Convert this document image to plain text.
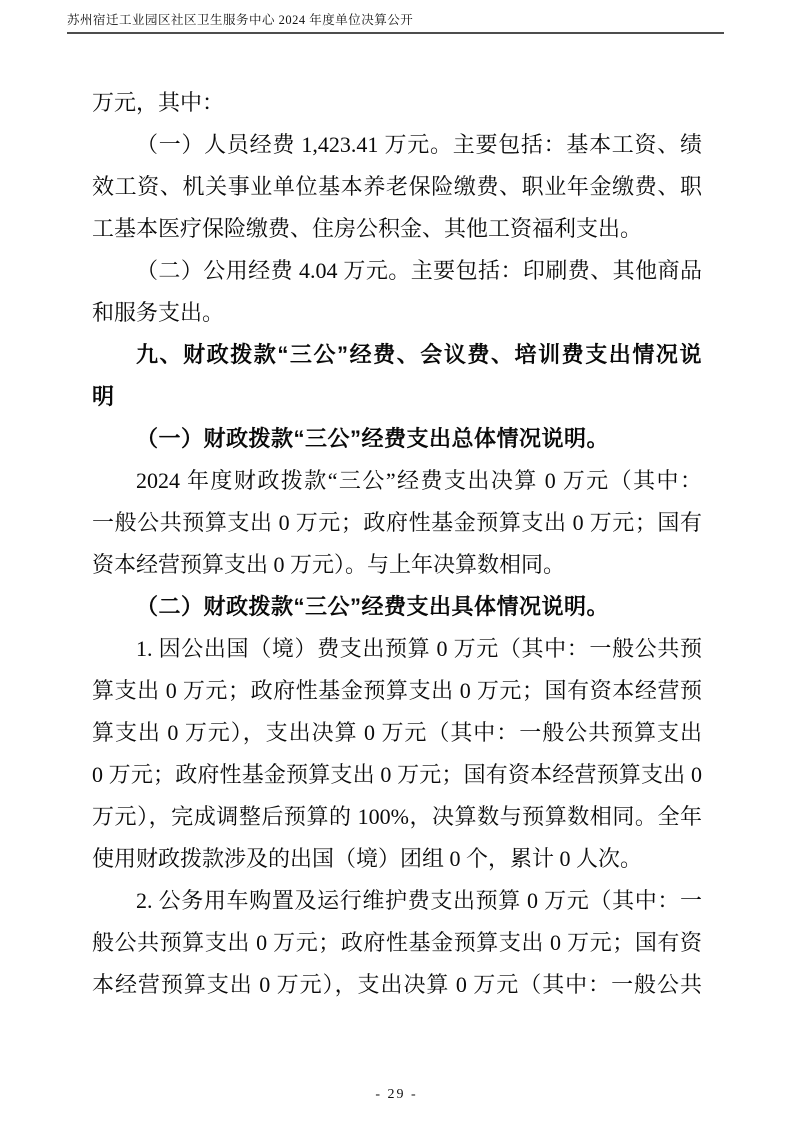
苏州宿迁工业园区社区卫生服务中心 2024 年度单位决算公开
万元，其中：
（一）人员经费 1,423.41 万元。主要包括：基本工资、绩
效工资、机关事业单位基本养老保险缴费、职业年金缴费、职
工基本医疗保险缴费、住房公积金、其他工资福利支出。
（二）公用经费 4.04 万元。主要包括：印刷费、其他商品
和服务支出。
九、财政拨款“三公”经费、会议费、培训费支出情况说
明
（一）财政拨款“三公”经费支出总体情况说明。
2024 年度财政拨款“三公”经费支出决算 0 万元（其中：
一般公共预算支出 0 万元；政府性基金预算支出 0 万元；国有
资本经营预算支出 0 万元）。与上年决算数相同。
（二）财政拨款“三公”经费支出具体情况说明。
1. 因公出国（境）费支出预算 0 万元（其中：一般公共预
算支出 0 万元；政府性基金预算支出 0 万元；国有资本经营预
算支出 0 万元），支出决算 0 万元（其中：一般公共预算支出
0 万元；政府性基金预算支出 0 万元；国有资本经营预算支出 0
万元），完成调整后预算的 100%，决算数与预算数相同。全年
使用财政拨款涉及的出国（境）团组 0 个，累计 0 人次。
2. 公务用车购置及运行维护费支出预算 0 万元（其中：一
般公共预算支出 0 万元；政府性基金预算支出 0 万元；国有资
本经营预算支出 0 万元），支出决算 0 万元（其中：一般公共
- 29 -
